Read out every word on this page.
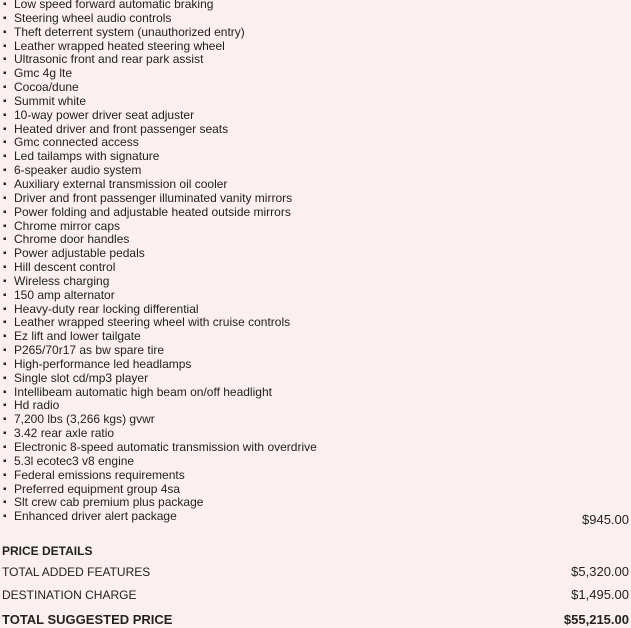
▪ Low speed forward automatic braking
▪ Steering wheel audio controls
▪ Theft deterrent system (unauthorized entry)
▪ Leather wrapped heated steering wheel
▪ Ultrasonic front and rear park assist
▪ Gmc 4g lte
▪ Cocoa/dune
▪ Summit white
▪ 10-way power driver seat adjuster
▪ Heated driver and front passenger seats
▪ Gmc connected access
▪ Led tailamps with signature
▪ 6-speaker audio system
▪ Auxiliary external transmission oil cooler
▪ Driver and front passenger illuminated vanity mirrors
▪ Power folding and adjustable heated outside mirrors
▪ Chrome mirror caps
▪ Chrome door handles
▪ Power adjustable pedals
▪ Hill descent control
▪ Wireless charging
▪ 150 amp alternator
▪ Heavy-duty rear locking differential
▪ Leather wrapped steering wheel with cruise controls
▪ Ez lift and lower tailgate
▪ P265/70r17 as bw spare tire
▪ High-performance led headlamps
▪ Single slot cd/mp3 player
▪ Intellibeam automatic high beam on/off headlight
▪ Hd radio
▪ 7,200 lbs (3,266 kgs) gvwr
▪ 3.42 rear axle ratio
▪ Electronic 8-speed automatic transmission with overdrive
▪ 5.3l ecotec3 v8 engine
▪ Federal emissions requirements
▪ Preferred equipment group 4sa
▪ Slt crew cab premium plus package
▪ Enhanced driver alert package	$945.00
PRICE DETAILS
TOTAL ADDED FEATURES	$5,320.00
DESTINATION CHARGE	$1,495.00
TOTAL SUGGESTED PRICE	$55,215.00
